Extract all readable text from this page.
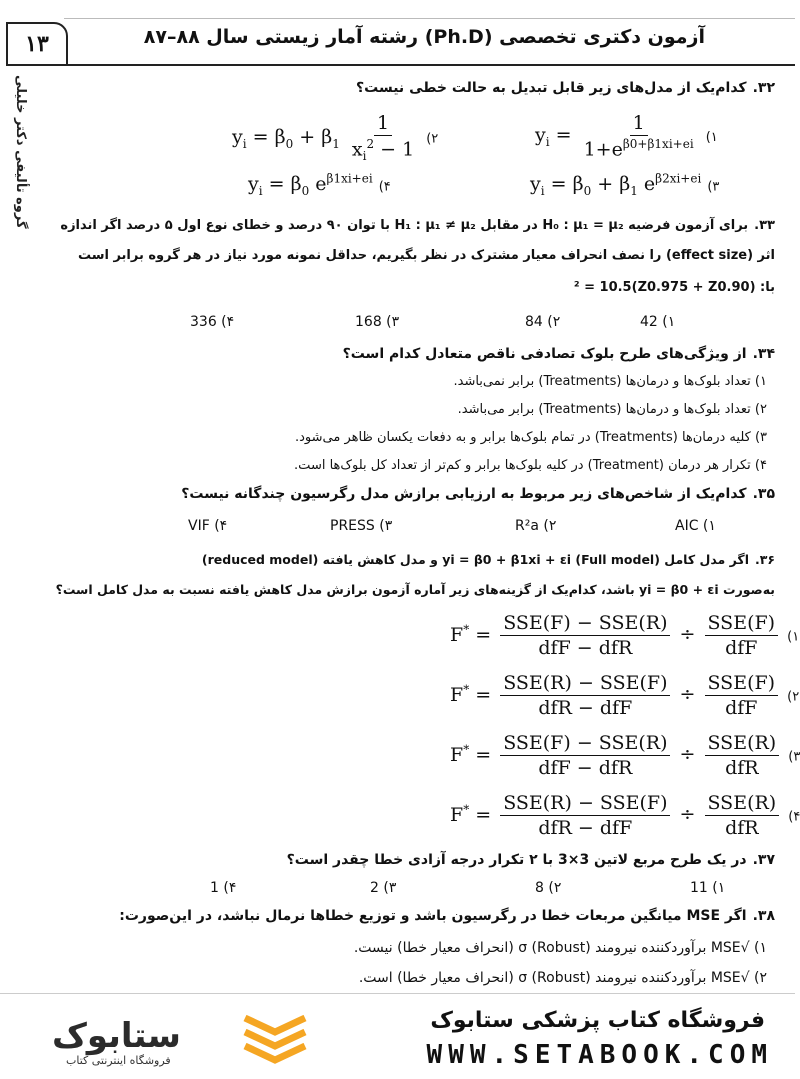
۱۳	آزمون دکتری تخصصی (Ph.D) رشته آمار زیستی سال ۸۸–۸۷
گروه تألیفی دکتر خلیلی	۳۲.کدام‌یک از مدل‌های زیر قابل تبدیل به حالت خطی نیست؟
$y_i = \frac{1}{1+e^{\beta 0+\beta 1xi+ei}}$ (۱
$y_i = \beta_0 + \beta_1 \frac{1}{x_i^2 - 1}$ (۲
$y_i = \beta_0 + \beta_1$ $e^{\beta 2xi+ei}$ (۳
$y_i = \beta_0$ $e^{\beta 1xi+ei}$ (۴
۳۳.برای آزمون فرضیه H₀ : μ₁ = μ₂ در مقابل H₁ : μ₁ ≠ μ₂ با توان ۹۰ درصد و خطای نوع اول ۵ درصد اگر اندازه
اثر (effect size) را نصف انحراف معیار مشترک در نظر بگیریم، حداقل نمونه مورد نیاز در هر گروه برابر است
با: (Z0.975 + Z0.90)² = 10.5
42 (۱
84 (۲
168 (۳
336 (۴
۳۴.از ویژگی‌های طرح بلوک تصادفی ناقص متعادل کدام است؟
۱) تعداد بلوک‌ها و درمان‌ها (Treatments) برابر نمی‌باشد.
۲) تعداد بلوک‌ها و درمان‌ها (Treatments) برابر می‌باشد.
۳) کلیه درمان‌ها (Treatments) در تمام بلوک‌ها برابر و به دفعات یکسان ظاهر می‌شود.
۴) تکرار هر درمان (Treatment) در کلیه بلوک‌ها برابر و کم‌تر از تعداد کل بلوک‌ها است.
۳۵.کدام‌یک از شاخص‌های زیر مربوط به ارزیابی برازش مدل رگرسیون چندگانه نیست؟
AIC (۱
R²a (۲
PRESS (۳
VIF (۴
۳۶.اگر مدل کامل (Full model) yi = β0 + β1xi + εi و مدل کاهش یافته (reduced model)
به‌صورت yi = β0 + εi باشد، کدام‌یک از گزینه‌های زیر آماره آزمون برازش مدل کاهش یافته نسبت به مدل کامل است؟
$F^* = \frac{\text{SSE(F) − SSE(R)}}{\text{dfF − dfR}} \div \frac{\text{SSE(F)}}{\text{dfF}}$ (۱
$F^* = \frac{\text{SSE(R) − SSE(F)}}{\text{dfR − dfF}} \div \frac{\text{SSE(F)}}{\text{dfF}}$ (۲
$F^* = \frac{\text{SSE(F) − SSE(R)}}{\text{dfF − dfR}} \div \frac{\text{SSE(R)}}{\text{dfR}}$ (۳
$F^* = \frac{\text{SSE(R) − SSE(F)}}{\text{dfR − dfF}} \div \frac{\text{SSE(R)}}{\text{dfR}}$ (۴
۳۷.در یک طرح مربع لاتین 3×3 با ۲ تکرار درجه آزادی خطا چقدر است؟
11 (۱
8 (۲
2 (۳
1 (۴
۳۸.اگر MSE میانگین مربعات خطا در رگرسیون باشد و توزیع خطاها نرمال نباشد، در این‌صورت:
۱) √MSE برآوردکننده نیرومند (Robust) σ (انحراف معیار خطا) نیست.
۲) √MSE برآوردکننده نیرومند (Robust) σ (انحراف معیار خطا) است.
ستابوک
فروشگاه اینترنتی کتاب
فروشگاه کتاب پزشکی ستابوک
WWW.SETABOOK.COM
